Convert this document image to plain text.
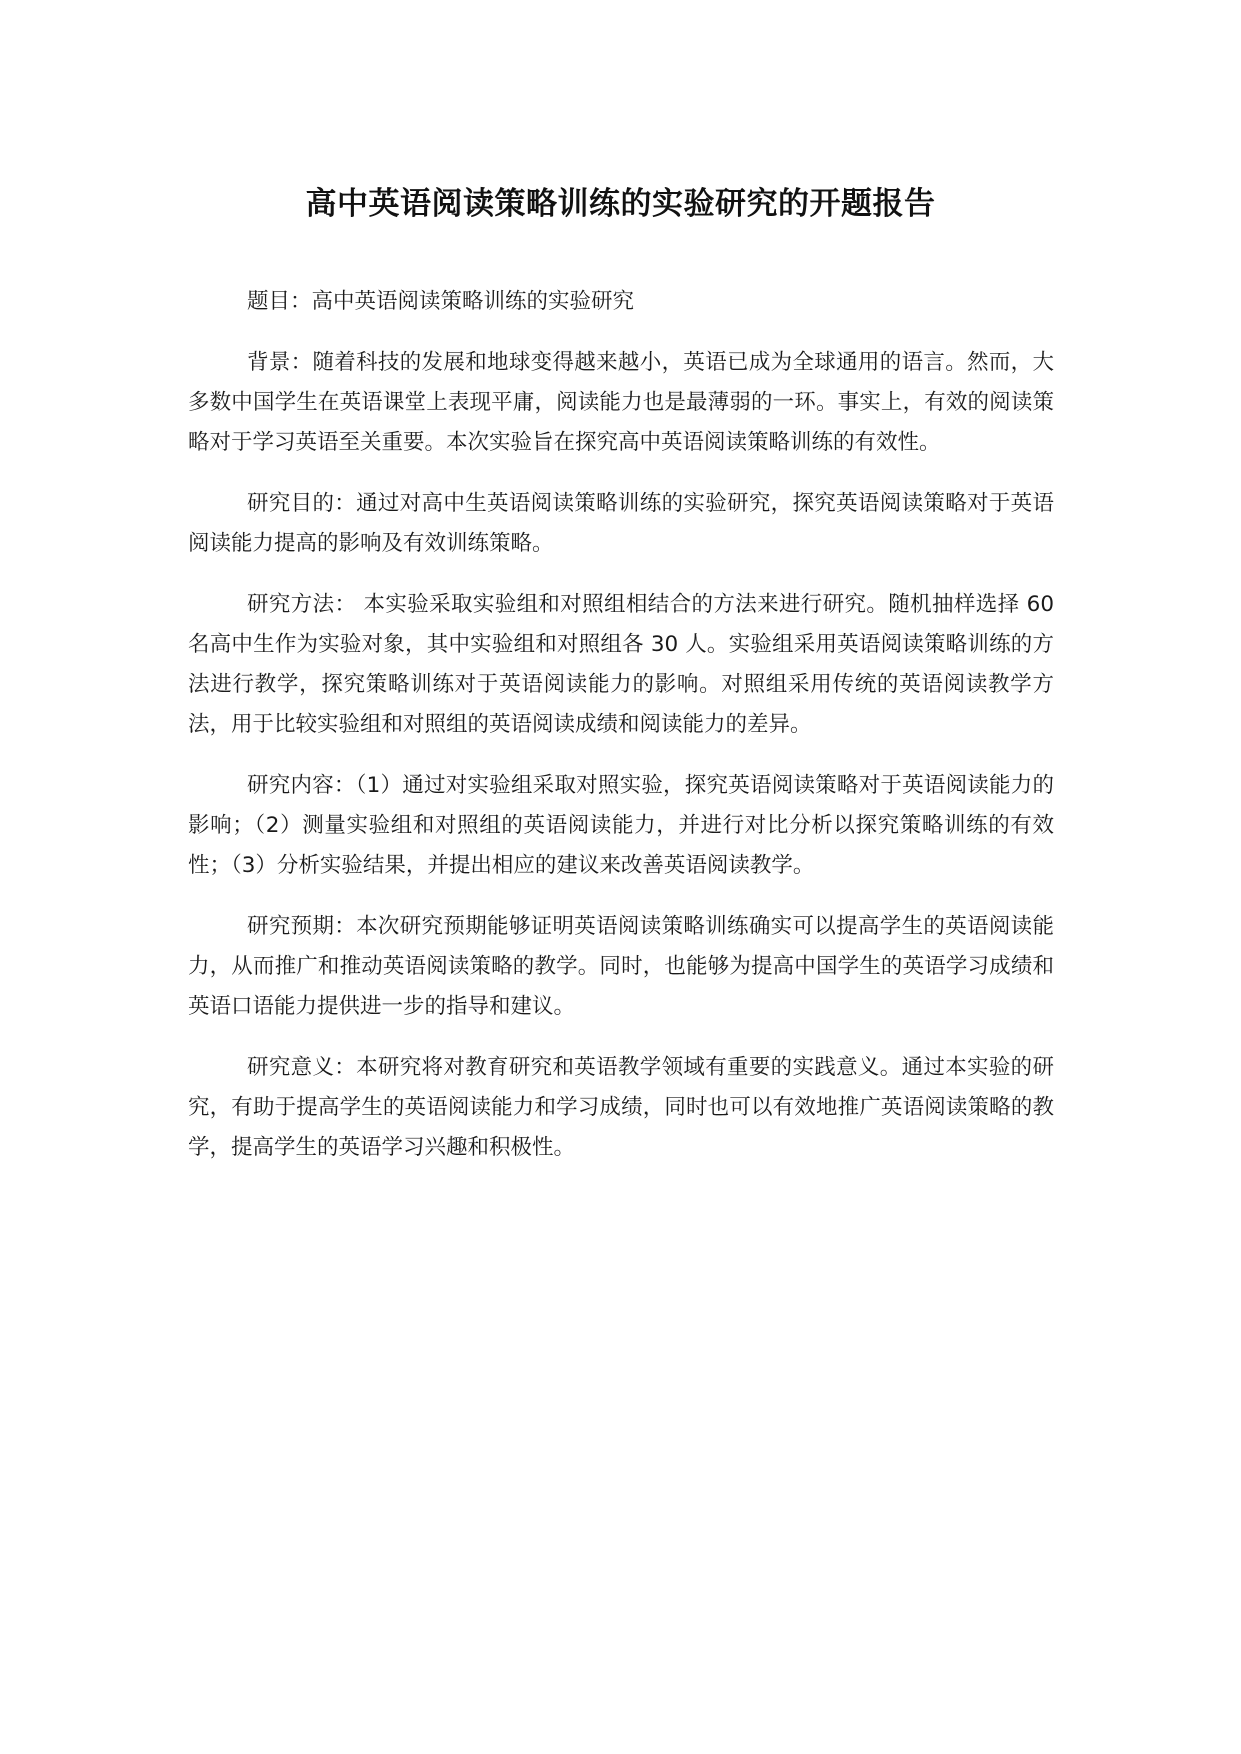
高中英语阅读策略训练的实验研究的开题报告

题目：高中英语阅读策略训练的实验研究

背景：随着科技的发展和地球变得越来越小，英语已成为全球通用的语言。然而，大多数中国学生在英语课堂上表现平庸，阅读能力也是最薄弱的一环。事实上，有效的阅读策略对于学习英语至关重要。本次实验旨在探究高中英语阅读策略训练的有效性。

研究目的：通过对高中生英语阅读策略训练的实验研究，探究英语阅读策略对于英语阅读能力提高的影响及有效训练策略。

研究方法： 本实验采取实验组和对照组相结合的方法来进行研究。随机抽样选择 60 名高中生作为实验对象，其中实验组和对照组各 30 人。实验组采用英语阅读策略训练的方法进行教学，探究策略训练对于英语阅读能力的影响。对照组采用传统的英语阅读教学方法，用于比较实验组和对照组的英语阅读成绩和阅读能力的差异。

研究内容：（1）通过对实验组采取对照实验，探究英语阅读策略对于英语阅读能力的影响；（2）测量实验组和对照组的英语阅读能力，并进行对比分析以探究策略训练的有效性；（3）分析实验结果，并提出相应的建议来改善英语阅读教学。

研究预期：本次研究预期能够证明英语阅读策略训练确实可以提高学生的英语阅读能力，从而推广和推动英语阅读策略的教学。同时，也能够为提高中国学生的英语学习成绩和英语口语能力提供进一步的指导和建议。

研究意义：本研究将对教育研究和英语教学领域有重要的实践意义。通过本实验的研究，有助于提高学生的英语阅读能力和学习成绩，同时也可以有效地推广英语阅读策略的教学，提高学生的英语学习兴趣和积极性。
